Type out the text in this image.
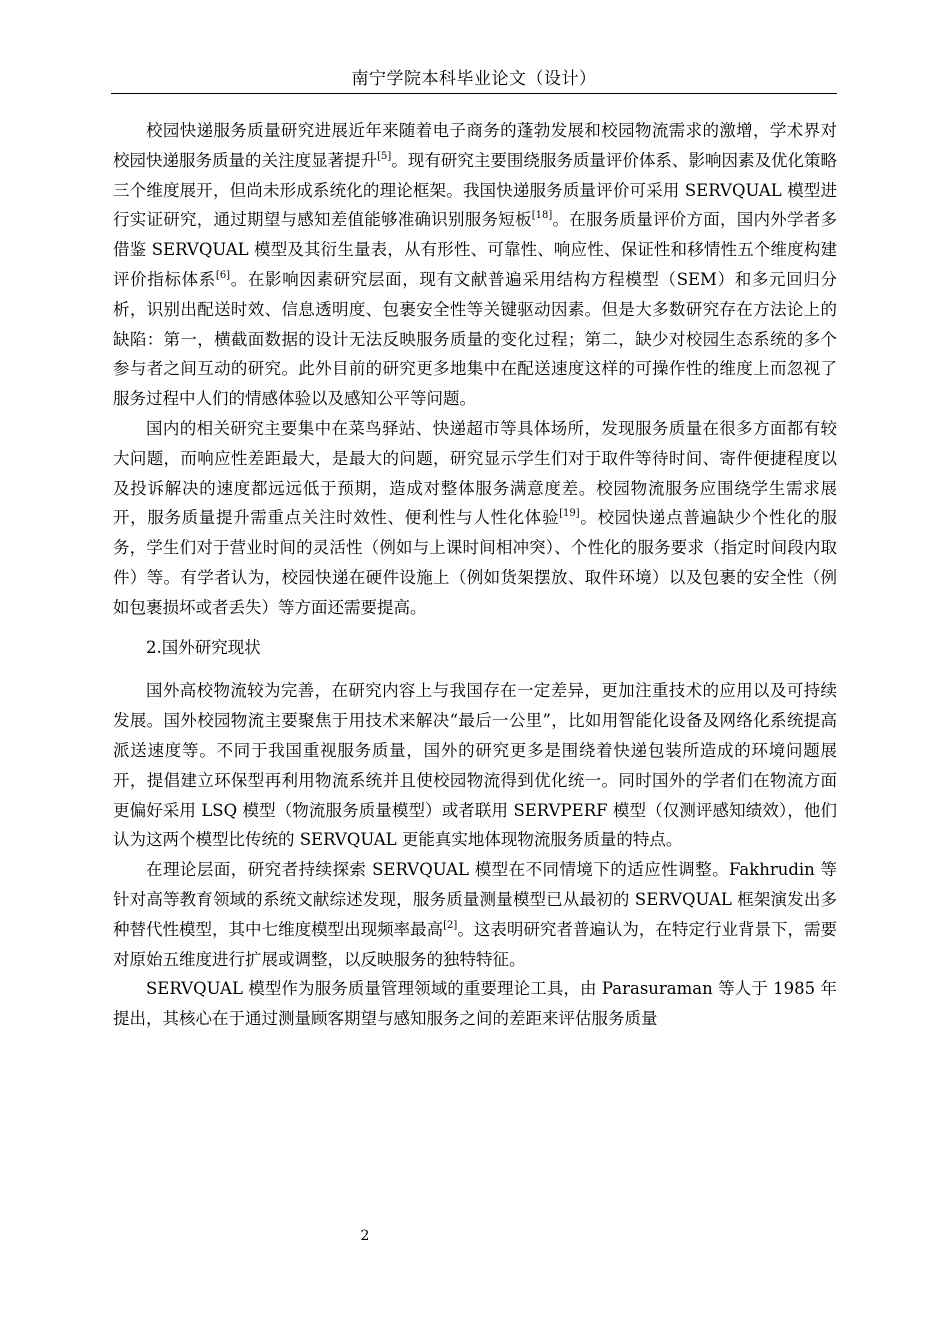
南宁学院本科毕业论文（设计）

校园快递服务质量研究进展近年来随着电子商务的蓬勃发展和校园物流需求的激增，学术界对校园快递服务质量的关注度显著提升[5]。现有研究主要围绕服务质量评价体系、影响因素及优化策略三个维度展开，但尚未形成系统化的理论框架。我国快递服务质量评价可采用 SERVQUAL 模型进行实证研究，通过期望与感知差值能够准确识别服务短板[18]。在服务质量评价方面，国内外学者多借鉴 SERVQUAL 模型及其衍生量表，从有形性、可靠性、响应性、保证性和移情性五个维度构建评价指标体系[6]。在影响因素研究层面，现有文献普遍采用结构方程模型（SEM）和多元回归分析，识别出配送时效、信息透明度、包裹安全性等关键驱动因素。但是大多数研究存在方法论上的缺陷：第一，横截面数据的设计无法反映服务质量的变化过程；第二，缺少对校园生态系统的多个参与者之间互动的研究。此外目前的研究更多地集中在配送速度这样的可操作性的维度上而忽视了服务过程中人们的情感体验以及感知公平等问题。

国内的相关研究主要集中在菜鸟驿站、快递超市等具体场所，发现服务质量在很多方面都有较大问题，而响应性差距最大，是最大的问题，研究显示学生们对于取件等待时间、寄件便捷程度以及投诉解决的速度都远远低于预期，造成对整体服务满意度差。校园物流服务应围绕学生需求展开，服务质量提升需重点关注时效性、便利性与人性化体验[19]。校园快递点普遍缺少个性化的服务，学生们对于营业时间的灵活性（例如与上课时间相冲突）、个性化的服务要求（指定时间段内取件）等。有学者认为，校园快递在硬件设施上（例如货架摆放、取件环境）以及包裹的安全性（例如包裹损坏或者丢失）等方面还需要提高。

2.国外研究现状

国外高校物流较为完善，在研究内容上与我国存在一定差异，更加注重技术的应用以及可持续发展。国外校园物流主要聚焦于用技术来解决“最后一公里”，比如用智能化设备及网络化系统提高派送速度等。不同于我国重视服务质量，国外的研究更多是围绕着快递包装所造成的环境问题展开，提倡建立环保型再利用物流系统并且使校园物流得到优化统一。同时国外的学者们在物流方面更偏好采用 LSQ 模型（物流服务质量模型）或者联用 SERVPERF 模型（仅测评感知绩效），他们认为这两个模型比传统的 SERVQUAL 更能真实地体现物流服务质量的特点。

在理论层面，研究者持续探索 SERVQUAL 模型在不同情境下的适应性调整。Fakhrudin 等针对高等教育领域的系统文献综述发现，服务质量测量模型已从最初的 SERVQUAL 框架演发出多种替代性模型，其中七维度模型出现频率最高[2]。这表明研究者普遍认为，在特定行业背景下，需要对原始五维度进行扩展或调整，以反映服务的独特特征。

SERVQUAL 模型作为服务质量管理领域的重要理论工具，由 Parasuraman 等人于 1985 年提出，其核心在于通过测量顾客期望与感知服务之间的差距来评估服务质量

2
